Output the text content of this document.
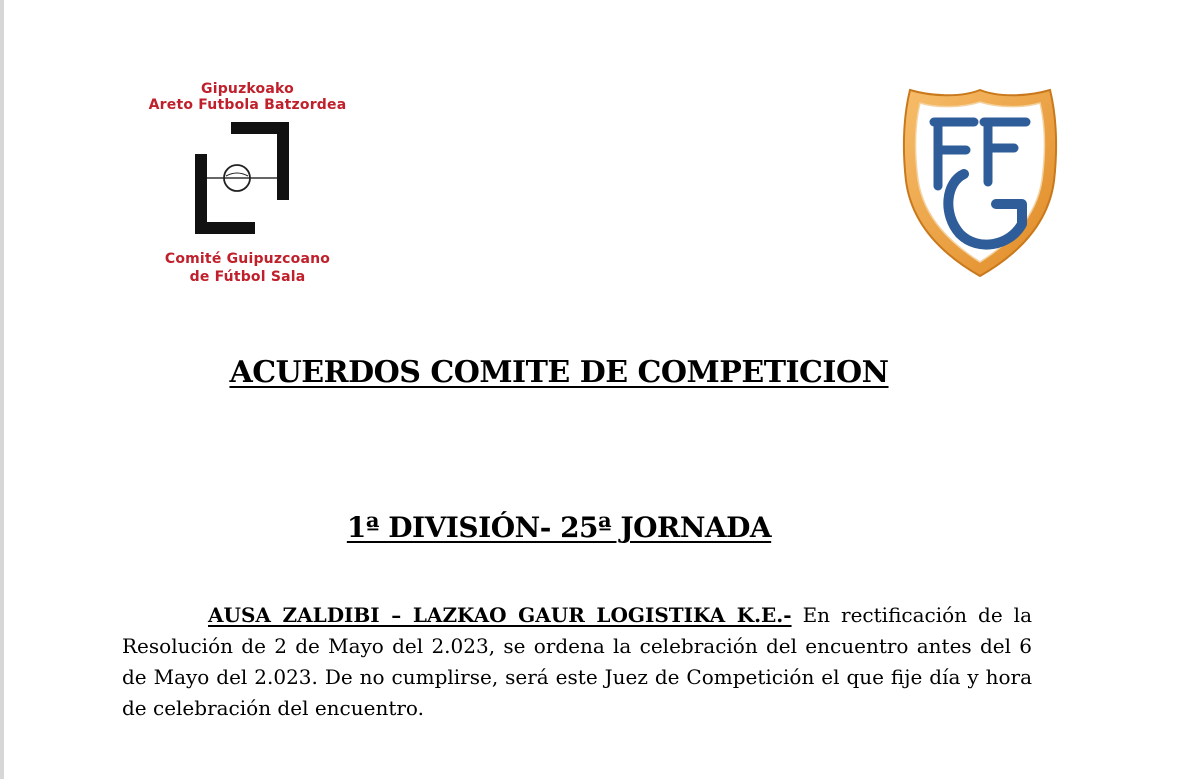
Gipuzkoako
Areto Futbola Batzordea
Comité Guipuzcoano
de Fútbol Sala
ACUERDOS COMITE DE COMPETICION
1ª DIVISIÓN- 25ª JORNADA

AUSA ZALDIBI – LAZKAO GAUR LOGISTIKA K.E.- En rectificación de la Resolución de 2 de Mayo del 2.023, se ordena la celebración del encuentro antes del 6 de Mayo del 2.023. De no cumplirse, será este Juez de Competición el que fije día y hora de celebración del encuentro.
